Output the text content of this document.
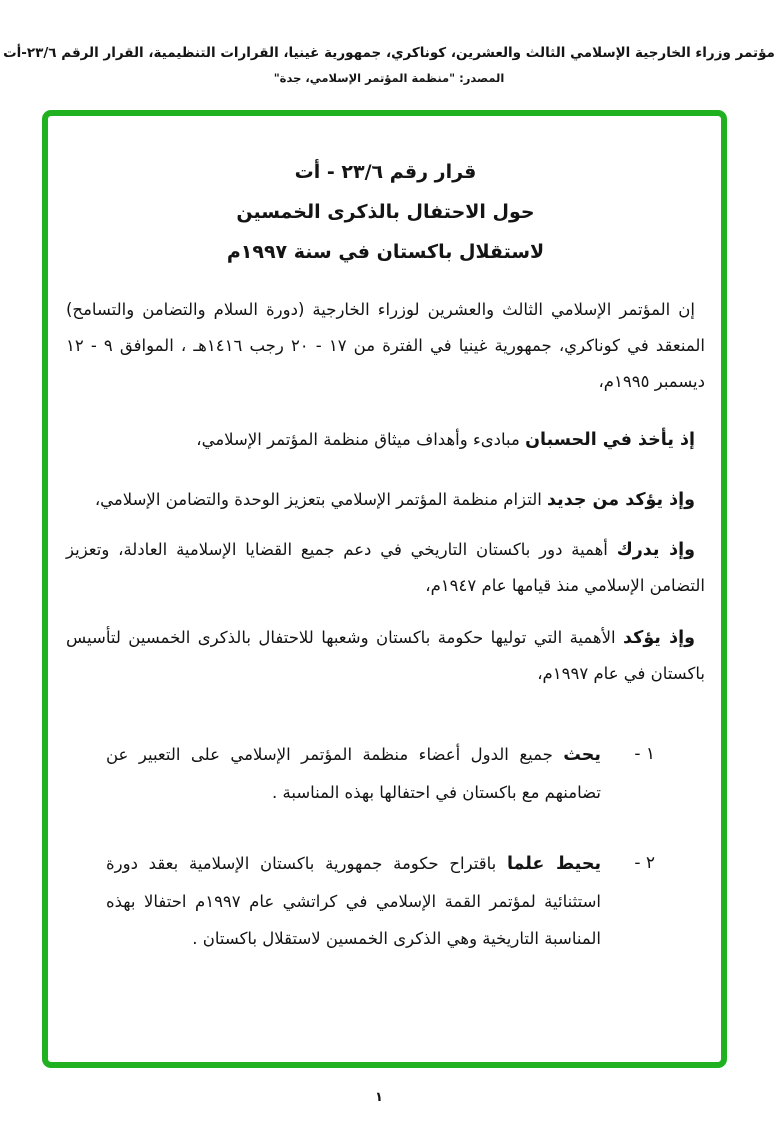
مؤتمر وزراء الخارجية الإسلامي الثالث والعشرين، كوناكري، جمهورية غينيا، القرارات التنظيمية، القرار الرقم ٢٣/٦-أت
المصدر: "منظمة المؤتمر الإسلامي، جدة"
قرار رقم ٢٣/٦ - أت
حول الاحتفال بالذكرى الخمسين
لاستقلال باكستان في سنة ١٩٩٧م

إن المؤتمر الإسلامي الثالث والعشرين لوزراء الخارجية (دورة السلام والتضامن والتسامح) المنعقد في كوناكري، جمهورية غينيا في الفترة من ١٧ - ٢٠ رجب ١٤١٦هـ ، الموافق ٩ - ١٢ ديسمبر ١٩٩٥م،

إذ يأخذ في الحسبان مبادىء وأهداف ميثاق منظمة المؤتمر الإسلامي،

وإذ يؤكد من جديد التزام منظمة المؤتمر الإسلامي بتعزيز الوحدة والتضامن الإسلامي،

وإذ يدرك أهمية دور باكستان التاريخي في دعم جميع القضايا الإسلامية العادلة، وتعزيز التضامن الإسلامي منذ قيامها عام ١٩٤٧م،

وإذ يؤكد الأهمية التي توليها حكومة باكستان وشعبها للاحتفال بالذكرى الخمسين لتأسيس باكستان في عام ١٩٩٧م،

١ -

يحث جميع الدول أعضاء منظمة المؤتمر الإسلامي على التعبير عن تضامنهم مع باكستان في احتفالها بهذه المناسبة .

٢ -

يحيط علما باقتراح حكومة جمهورية باكستان الإسلامية بعقد دورة استثنائية لمؤتمر القمة الإسلامي في كراتشي عام ١٩٩٧م احتفالا بهذه المناسبة التاريخية وهي الذكرى الخمسين لاستقلال باكستان .

١
